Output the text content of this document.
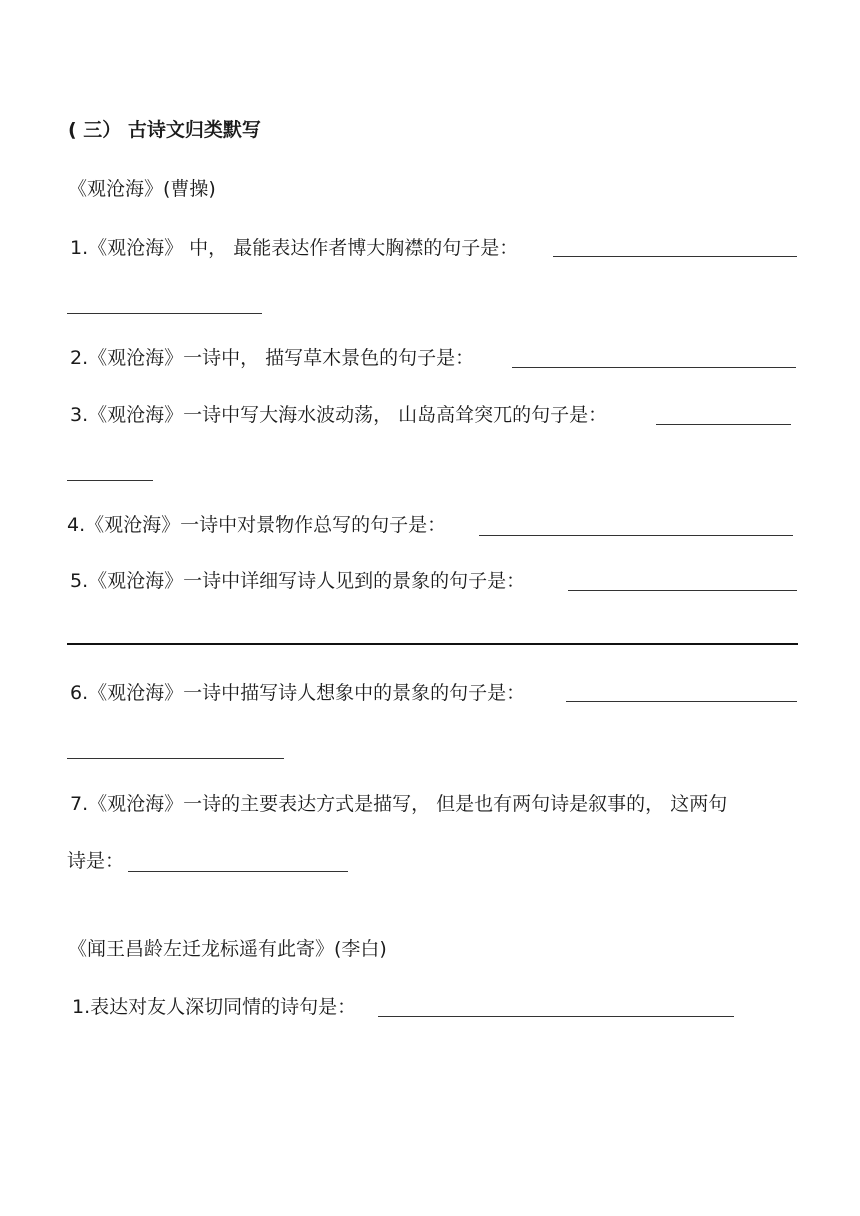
( 三） 古诗文归类默写
《观沧海》(曹操)
1.《观沧海》 中， 最能表达作者博大胸襟的句子是：
2.《观沧海》一诗中， 描写草木景色的句子是：
3.《观沧海》一诗中写大海水波动荡， 山岛高耸突兀的句子是：
4.《观沧海》一诗中对景物作总写的句子是：
5.《观沧海》一诗中详细写诗人见到的景象的句子是：
6.《观沧海》一诗中描写诗人想象中的景象的句子是：
7.《观沧海》一诗的主要表达方式是描写， 但是也有两句诗是叙事的， 这两句
诗是：
《闻王昌龄左迁龙标遥有此寄》(李白)
1.表达对友人深切同情的诗句是：
